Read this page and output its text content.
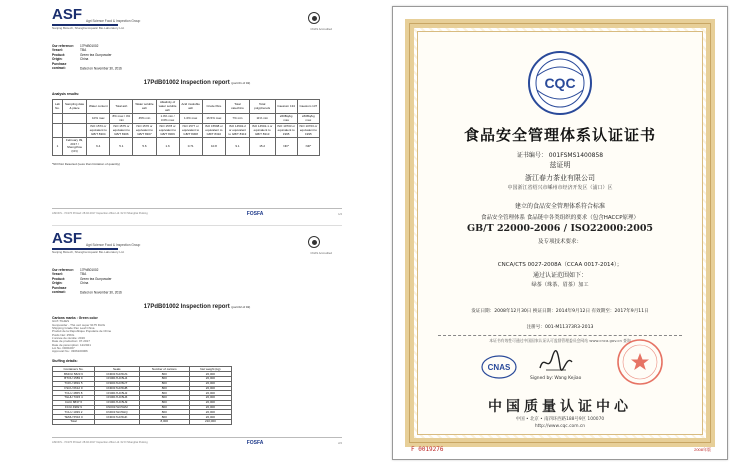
ASF Agri Science Food & Inspection Group
Nanjing Biotech, Shanghai Aquatic Bio-Laboratory Ltd.	CNAS Accredited
Our reference: 17PdB01002
Vessel:	TBA
Product:	Green tea Gunpowder
Origin:	China
Purchase contract:	Dated on November 30, 2016
17PdB01002 Inspection report (part 01 of 02)
Analysis results:
Lab No.	Sampling date & place	Water content	Total ash	Water soluble ash	Alkalinity of water soluble ash	Acid insoluble ash	Crude fibre	Total catechins	Total polyphenols	Caesium 134	Caesium 137
		10% max	8% max / 4% min	45% min	1.0% min / 3.0% max	1.0% max	16.5% max	7% min	11% min	≤50Bq/kg max	≤50Bq/kg max
		ISO 1573 or equivalent to GB/T 8304	ISO 1575 or equivalent to GB/T 8306	ISO 1576 or equivalent to GB/T 8307	ISO 1578 or equivalent to GB/T 8309	ISO 1577 or equivalent to GB/T 8308	ISO 15598 or equivalent to GB/T 8310	ISO 14502-2 or equivalent to GB/T 8313	ISO 14502-1 or equivalent to GB/T 8313	ISO 10703 or equivalent to 1995	ISO 10703 or equivalent to 1995
1	February 09, 2017 / Shengzhou (CN)	6.4	5.1	5.6	1.6	0.71	10.8	9.1	15.2	ND*	ND*
*ND=Not Detected (Less than limitation of quantity)
ASF/F/S - 72/176 Printed: 28.02.2017 Inspection office Ltd. 02 Fl Shanghai Pudong	FOSFA	1/2
ASF Agri Science Food & Inspection Group
Nanjing Biotech, Shanghai Aquatic Bio-Laboratory Ltd.	CNAS Accredited
Our reference: 17PdB01002
Vessel:	TBA
Product:	Green tea Gunpowder
Origin:	China
Purchase contract:	Dated on November 30, 2016
17PdB01002 Inspection report (part 02 of 02)
Cartons marks : Green color
GGT-TG4ES
Gunpowder - Thé vert super 9175 DA/G
Shipping Grade Pan Leaf China
Produit de la République Populaire de Chine
Poids Net: 25KG
L'année de récolte: 2016
Date de production: 07.2017
Date de péremption: 12/2021
Lot No. D001007
Approval No.: 3306100006
Stuffing details:
Containers No.	Seals	Number of cartons	Net weight (kg)
BMOU 5823 6	CN0017HC5HS	800	20,000
BTOU 1583 9	CN0017HC5H4	800	20,000
TCKU 3891 5	CN0017HC5HT	800	20,000
FSCU 6612 0	CN0017HC5HB	800	20,000
TCLU 4655 8	CN0017HC5H2	800	20,000
TGHU 7015 4	CN0017HC5H6	800	20,000
CAIU 8837 6	CN0017HC5H9	800	20,000
FCIU 4982 9	CN0017HC5HM	800	20,000
TCLU 1039 2	CN0017HC5HQ	800	20,000
TEMU 5516 0	CN0017HC5HK	800	20,000
Total		8,000	210,000
ASF/F/S - 72/176 Printed: 28.02.2017 Inspection office Ltd. 02 Fl Shanghai Pudong	FOSFA	2/2
CQC
食品安全管理体系认证证书
证书编号： 001FSMS1400858
兹证明
浙江春力茶业有限公司
中国浙江省绍兴市嵊州市经济开发区（浦口）区
建立的食品安全管理体系符合标准
食品安全管理体系 食品链中各类组织的要求（包含HACCP原理）
GB/T 22000-2006 / ISO22000:2005
及专项技术要求：
CNCA/CTS 0027-2008A（CCAA 0017-2014）；
通过认证范围如下：
绿茶（珠茶、眉茶）加工
发证日期：2008年12月30日 换证日期：2014年9月12日 有效期至：2017年9月11日
注册号：001-M11373R3-2013
本证书有效性可通过中国国家认证认可监督管理委员会网站 www.cnca.gov.cn 查询
CNAS
Signed by: Wang Kejiao
中国质量认证中心
中国 • 北京 • 南四环西路188号9区 100070
http://www.cqc.com.cn
F 0019276	2008年版
